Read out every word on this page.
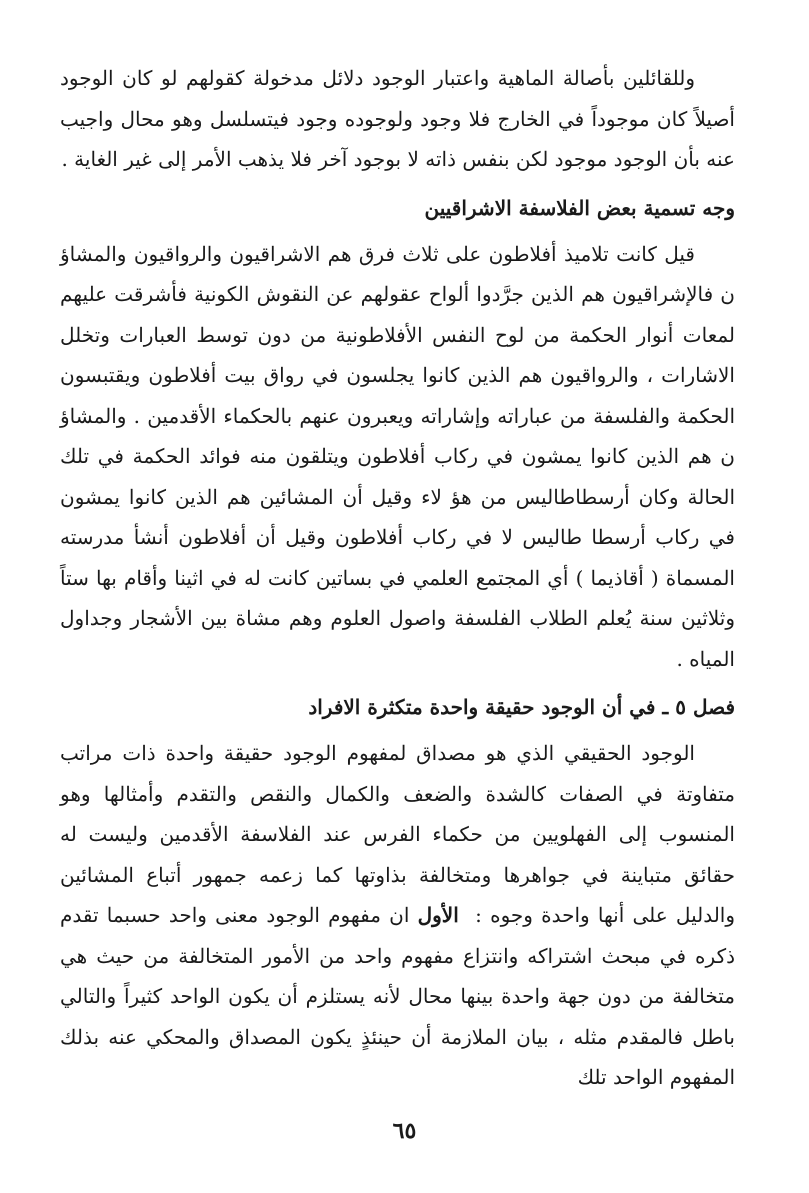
وللقائلين بأصالة الماهية واعتبار الوجود دلائل مدخولة كقولهم لو كان الوجود أصيلاً كان موجوداً في الخارج فلا وجود ولوجوده وجود فيتسلسل وهو محال واجيب عنه بأن الوجود موجود لكن بنفس ذاته لا بوجود آخر فلا يذهب الأمر إلى غير الغاية .

وجه تسمية بعض الفلاسفة الاشراقيين

قيل كانت تلاميذ أفلاطون على ثلاث فرق هم الاشراقيون والرواقيون والمشاؤ ن فالإشراقيون هم الذين جرَّدوا ألواح عقولهم عن النقوش الكونية فأشرقت عليهم لمعات أنوار الحكمة من لوح النفس الأفلاطونية من دون توسط العبارات وتخلل الاشارات ، والرواقيون هم الذين كانوا يجلسون في رواق بيت أفلاطون ويقتبسون الحكمة والفلسفة من عباراته وإشاراته ويعبرون عنهم بالحكماء الأقدمين . والمشاؤ ن هم الذين كانوا يمشون في ركاب أفلاطون ويتلقون منه فوائد الحكمة في تلك الحالة وكان أرسطاطاليس من هؤ لاء وقيل أن المشائين هم الذين كانوا يمشون في ركاب أرسطا طاليس لا في ركاب أفلاطون وقيل أن أفلاطون أنشأ مدرسته المسماة ( أقاذيما ) أي المجتمع العلمي في بساتين كانت له في اثينا وأقام بها ستاً وثلاثين سنة يُعلم الطلاب الفلسفة واصول العلوم وهم مشاة بين الأشجار وجداول المياه .

فصل ٥ ـ في أن الوجود حقيقة واحدة متكثرة الافراد

الوجود الحقيقي الذي هو مصداق لمفهوم الوجود حقيقة واحدة ذات مراتب متفاوتة في الصفات كالشدة والضعف والكمال والنقص والتقدم وأمثالها وهو المنسوب إلى الفهلويين من حكماء الفرس عند الفلاسفة الأقدمين وليست له حقائق متباينة في جواهرها ومتخالفة بذاوتها كما زعمه جمهور أتباع المشائين والدليل على أنها واحدة وجوه :  الأول ان مفهوم الوجود معنى واحد حسبما تقدم ذكره في مبحث اشتراكه وانتزاع مفهوم واحد من الأمور المتخالفة من حيث هي متخالفة من دون جهة واحدة بينها محال لأنه يستلزم أن يكون الواحد كثيراً والتالي باطل فالمقدم مثله ، بيان الملازمة أن حينئذٍ يكون المصداق والمحكي عنه بذلك المفهوم الواحد تلك

٦٥
